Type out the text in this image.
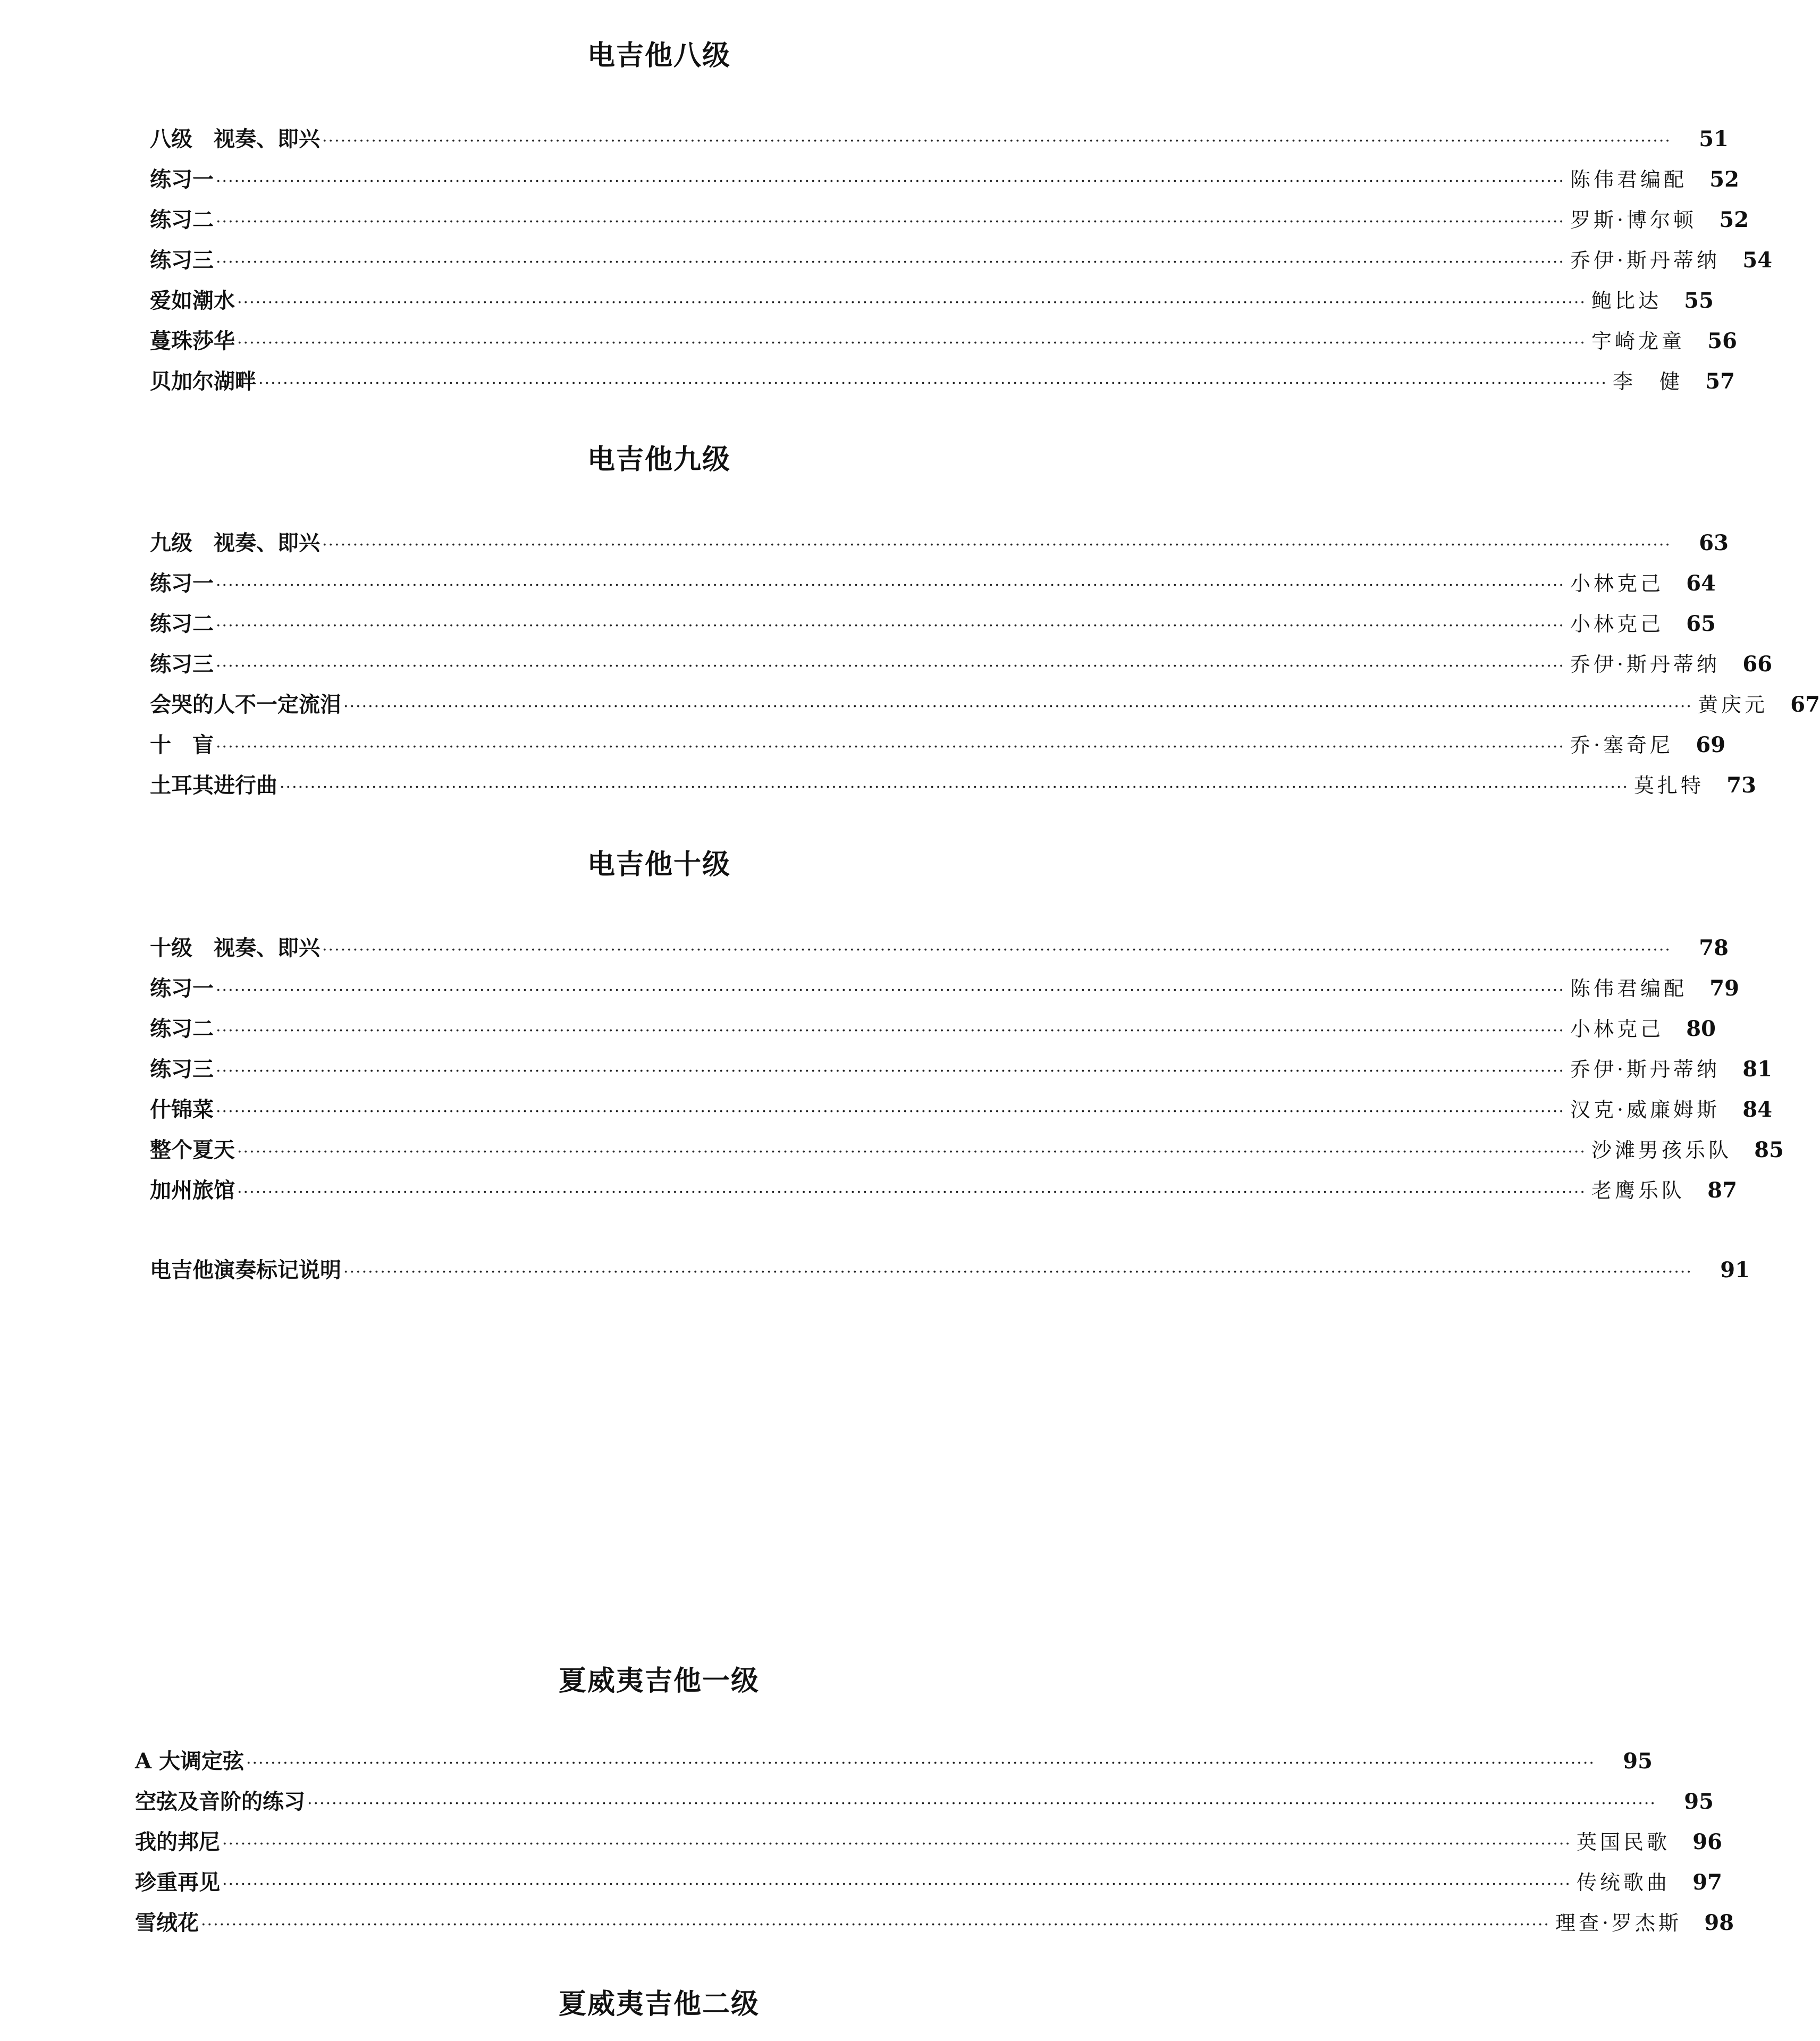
电吉他八级
八级　视奏、即兴 ···························································································································································································································· 51
练习一 ···························································································································································································································· 陈伟君编配 52
练习二 ···························································································································································································································· 罗斯·博尔顿 52
练习三 ···························································································································································································································· 乔伊·斯丹蒂纳 54
爱如潮水 ···························································································································································································································· 鲍比达 55
蔓珠莎华 ···························································································································································································································· 宇崎龙童 56
贝加尔湖畔 ···························································································································································································································· 李　健 57
电吉他九级
九级　视奏、即兴 ···························································································································································································································· 63
练习一 ···························································································································································································································· 小林克己 64
练习二 ···························································································································································································································· 小林克己 65
练习三 ···························································································································································································································· 乔伊·斯丹蒂纳 66
会哭的人不一定流泪 ···························································································································································································································· 黄庆元 67
十　盲 ···························································································································································································································· 乔·塞奇尼 69
土耳其进行曲 ···························································································································································································································· 莫扎特 73
电吉他十级
十级　视奏、即兴 ···························································································································································································································· 78
练习一 ···························································································································································································································· 陈伟君编配 79
练习二 ···························································································································································································································· 小林克己 80
练习三 ···························································································································································································································· 乔伊·斯丹蒂纳 81
什锦菜 ···························································································································································································································· 汉克·威廉姆斯 84
整个夏天 ···························································································································································································································· 沙滩男孩乐队 85
加州旅馆 ···························································································································································································································· 老鹰乐队 87
电吉他演奏标记说明 ···························································································································································································································· 91
夏威夷吉他一级
A 大调定弦 ···························································································································································································································· 95
空弦及音阶的练习 ···························································································································································································································· 95
我的邦尼 ···························································································································································································································· 英国民歌 96
珍重再见 ···························································································································································································································· 传统歌曲 97
雪绒花 ···························································································································································································································· 理查·罗杰斯 98
夏威夷吉他二级
